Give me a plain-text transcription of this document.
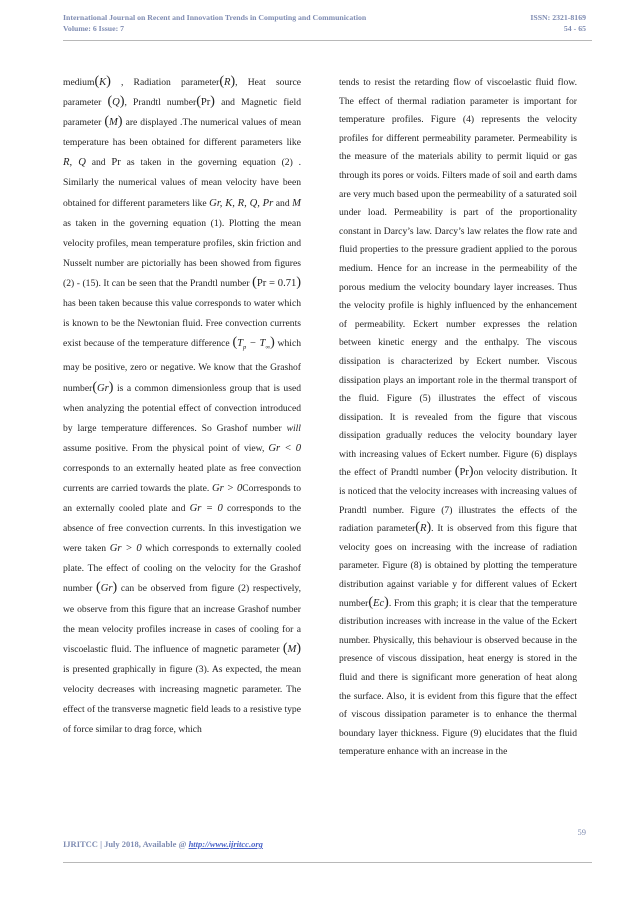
International Journal on Recent and Innovation Trends in Computing and Communication
Volume: 6 Issue: 7
ISSN: 2321-8169
54 - 65

medium(K) , Radiation parameter(R), Heat source parameter (Q), Prandtl number(Pr) and Magnetic field parameter (M) are displayed .The numerical values of mean temperature has been obtained for different parameters like R, Q and Pr as taken in the governing equation (2) . Similarly the numerical values of mean velocity have been obtained for different parameters like Gr, K, R, Q, Pr and M as taken in the governing equation (1). Plotting the mean velocity profiles, mean temperature profiles, skin friction and Nusselt number are pictorially has been showed from figures (2) - (15). It can be seen that the Prandtl number (Pr = 0.71) has been taken because this value corresponds to water which is known to be the Newtonian fluid. Free convection currents exist because of the temperature difference $(T_p - T_\infty)$ which may be positive, zero or negative. We know that the Grashof number(Gr) is a common dimensionless group that is used when analyzing the potential effect of convection introduced by large temperature differences. So Grashof number will assume positive. From the physical point of view, Gr < 0 corresponds to an externally heated plate as free convection currents are carried towards the plate. Gr > 0Corresponds to an externally cooled plate and Gr = 0 corresponds to the absence of free convection currents. In this investigation we were taken Gr > 0 which corresponds to externally cooled plate. The effect of cooling on the velocity for the Grashof number (Gr) can be observed from figure (2) respectively, we observe from this figure that an increase Grashof number the mean velocity profiles increase in cases of cooling for a viscoelastic fluid. The influence of magnetic parameter (M) is presented graphically in figure (3). As expected, the mean velocity decreases with increasing magnetic parameter. The effect of the transverse magnetic field leads to a resistive type of force similar to drag force, which

tends to resist the retarding flow of viscoelastic fluid flow. The effect of thermal radiation parameter is important for temperature profiles. Figure (4) represents the velocity profiles for different permeability parameter. Permeability is the measure of the materials ability to permit liquid or gas through its pores or voids. Filters made of soil and earth dams are very much based upon the permeability of a saturated soil under load. Permeability is part of the proportionality constant in Darcy’s law. Darcy’s law relates the flow rate and fluid properties to the pressure gradient applied to the porous medium. Hence for an increase in the permeability of the porous medium the velocity boundary layer increases. Thus the velocity profile is highly influenced by the enhancement of permeability. Eckert number expresses the relation between kinetic energy and the enthalpy. The viscous dissipation is characterized by Eckert number. Viscous dissipation plays an important role in the thermal transport of the fluid. Figure (5) illustrates the effect of viscous dissipation. It is revealed from the figure that viscous dissipation gradually reduces the velocity boundary layer with increasing values of Eckert number. Figure (6) displays the effect of Prandtl number (Pr)on velocity distribution. It is noticed that the velocity increases with increasing values of Prandtl number. Figure (7) illustrates the effects of the radiation parameter(R). It is observed from this figure that velocity goes on increasing with the increase of radiation parameter. Figure (8) is obtained by plotting the temperature distribution against variable y for different values of Eckert number(Ec). From this graph; it is clear that the temperature distribution increases with increase in the value of the Eckert number. Physically, this behaviour is observed because in the presence of viscous dissipation, heat energy is stored in the fluid and there is significant more generation of heat along the surface. Also, it is evident from this figure that the effect of viscous dissipation parameter is to enhance the thermal boundary layer thickness. Figure (9) elucidates that the fluid temperature enhance with an increase in the

59
IJRITCC | July 2018, Available @ http://www.ijritcc.org
